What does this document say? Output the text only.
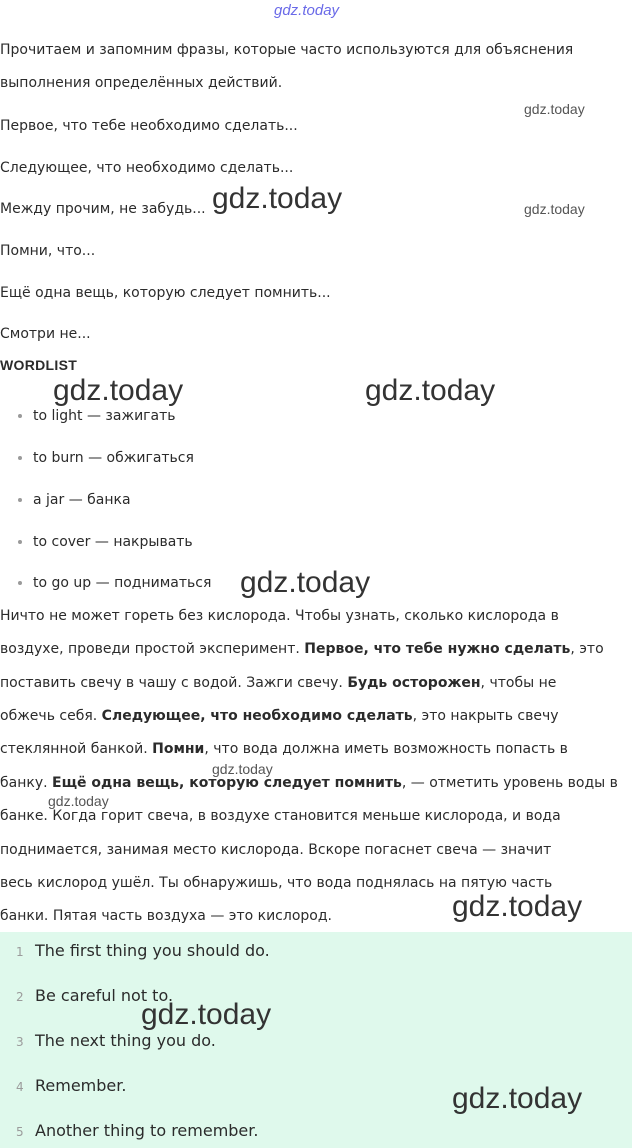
gdz.today
gdz.today
gdz.today	gdz.today
gdz.today	gdz.today
gdz.today
gdz.today
gdz.today
gdz.today
Прочитаем и запомним фразы, которые часто используются для объяснения
выполнения определённых действий.
Первое, что тебе необходимо сделать...
Следующее, что необходимо сделать...
Между прочим, не забудь...
Помни, что...
Ещё одна вещь, которую следует помнить...
Смотри не...
WORDLIST
to light — зажигать
to burn — обжигаться
a jar — банка
to cover — накрывать
to go up — подниматься
Ничто не может гореть без кислорода. Чтобы узнать, сколько кислорода в
воздухе, проведи простой эксперимент. Первое, что тебе нужно сделать, это
поставить свечу в чашу с водой. Зажги свечу. Будь осторожен, чтобы не
обжечь себя. Следующее, что необходимо сделать, это накрыть свечу
стеклянной банкой. Помни, что вода должна иметь возможность попасть в
банку. Ещё одна вещь, которую следует помнить, — отметить уровень воды в
банке. Когда горит свеча, в воздухе становится меньше кислорода, и вода
поднимается, занимая место кислорода. Вскоре погаснет свеча — значит
весь кислород ушёл. Ты обнаружишь, что вода поднялась на пятую часть
банки. Пятая часть воздуха — это кислород.
1 The first thing you should do.
2 Be careful not to.
3 The next thing you do.
4 Remember.
5 Another thing to remember.
gdz.today
gdz.today
